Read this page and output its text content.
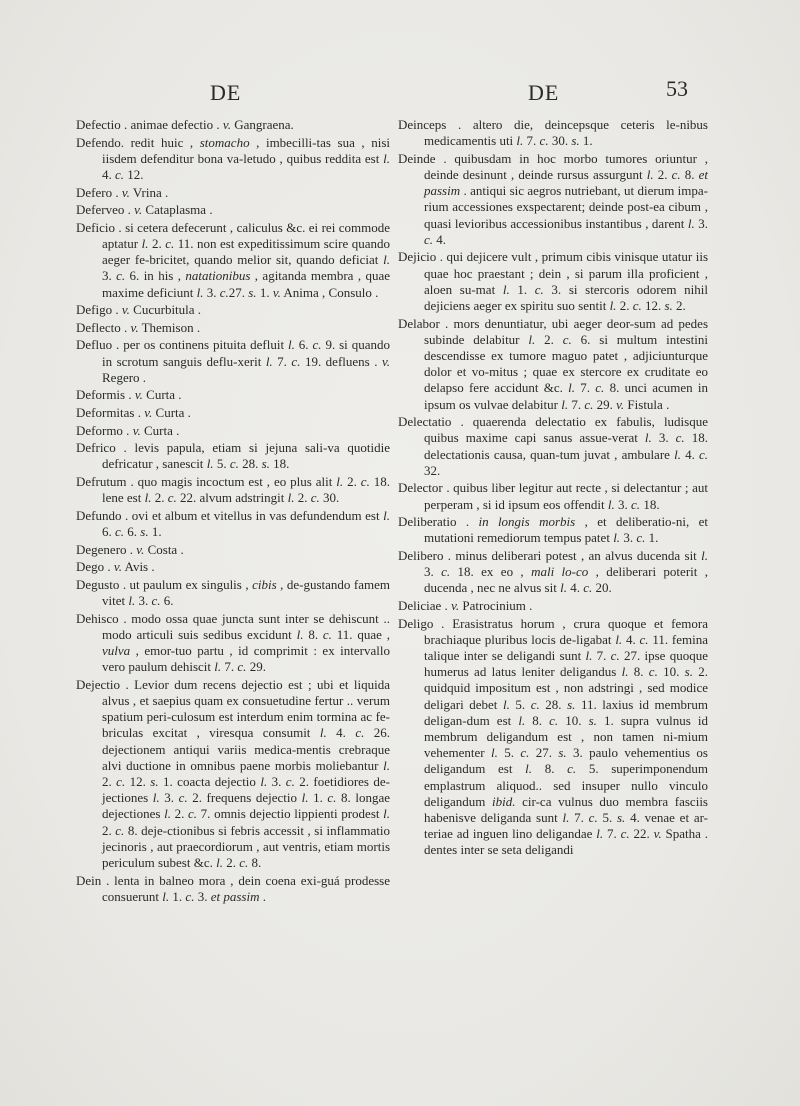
DE	DE	53

Defectio . animae defectio . v. Gangraena.

Defendo. redit huic , stomacho , imbecilli-tas sua , nisi iisdem defenditur bona va-letudo , quibus reddita est l. 4. c. 12.

Defero . v. Vrina .

Deferveo . v. Cataplasma .

Deficio . si cetera defecerunt , caliculus &c. ei rei commode aptatur l. 2. c. 11. non est expeditissimum scire quando aeger fe-bricitet, quando melior sit, quando deficiat l. 3. c. 6. in his , natationibus , agitanda membra , quae maxime deficiunt l. 3. c.27. s. 1. v. Anima , Consulo .

Defigo . v. Cucurbitula .

Deflecto . v. Themison .

Defluo . per os continens pituita defluit l. 6. c. 9. si quando in scrotum sanguis deflu-xerit l. 7. c. 19. defluens . v. Regero .

Deformis . v. Curta .

Deformitas . v. Curta .

Deformo . v. Curta .

Defrico . levis papula, etiam si jejuna sali-va quotidie defricatur , sanescit l. 5. c. 28. s. 18.

Defrutum . quo magis incoctum est , eo plus alit l. 2. c. 18. lene est l. 2. c. 22. alvum adstringit l. 2. c. 30.

Defundo . ovi et album et vitellus in vas defundendum est l. 6. c. 6. s. 1.

Degenero . v. Costa .

Dego . v. Avis .

Degusto . ut paulum ex singulis , cibis , de-gustando famem vitet l. 3. c. 6.

Dehisco . modo ossa quae juncta sunt inter se dehiscunt .. modo articuli suis sedibus excidunt l. 8. c. 11. quae , vulva , emor-tuo partu , id comprimit : ex intervallo vero paulum dehiscit l. 7. c. 29.

Dejectio . Levior dum recens dejectio est ; ubi et liquida alvus , et saepius quam ex consuetudine fertur .. verum spatium peri-culosum est interdum enim tormina ac fe-briculas excitat , viresqua consumit l. 4. c. 26. dejectionem antiqui variis medica-mentis crebraque alvi ductione in omnibus paene morbis moliebantur l. 2. c. 12. s. 1. coacta dejectio l. 3. c. 2. foetidiores de-jectiones l. 3. c. 2. frequens dejectio l. 1. c. 8. longae dejectiones l. 2. c. 7. omnis dejectio lippienti prodest l. 2. c. 8. deje-ctionibus si febris accessit , si inflammatio jecinoris , aut praecordiorum , aut ventris, etiam mortis periculum subest &c. l. 2. c. 8.

Dein . lenta in balneo mora , dein coena exi-guá prodesse consuerunt l. 1. c. 3. et passim .

Deinceps . altero die, deincepsque ceteris le-nibus medicamentis uti l. 7. c. 30. s. 1.

Deinde . quibusdam in hoc morbo tumores oriuntur , deinde desinunt , deinde rursus assurgunt l. 2. c. 8. et passim . antiqui sic aegros nutriebant, ut dierum impa-rium accessiones exspectarent; deinde post-ea cibum , quasi levioribus accessionibus instantibus , darent l. 3. c. 4.

Dejicio . qui dejicere vult , primum cibis vinisque utatur iis quae hoc praestant ; dein , si parum illa proficient , aloen su-mat l. 1. c. 3. si stercoris odorem nihil dejiciens aeger ex spiritu suo sentit l. 2. c. 12. s. 2.

Delabor . mors denuntiatur, ubi aeger deor-sum ad pedes subinde delabitur l. 2. c. 6. si multum intestini descendisse ex tumore maguo patet , adjiciunturque dolor et vo-mitus ; quae ex stercore ex cruditate eo delapso fere accidunt &c. l. 7. c. 8. unci acumen in ipsum os vulvae delabitur l. 7. c. 29. v. Fistula .

Delectatio . quaerenda delectatio ex fabulis, ludisque quibus maxime capi sanus assue-verat l. 3. c. 18. delectationis causa, quan-tum juvat , ambulare l. 4. c. 32.

Delector . quibus liber legitur aut recte , si delectantur ; aut perperam , si id ipsum eos offendit l. 3. c. 18.

Deliberatio . in longis morbis , et deliberatio-ni, et mutationi remediorum tempus patet l. 3. c. 1.

Delibero . minus deliberari potest , an alvus ducenda sit l. 3. c. 18. ex eo , mali lo-co , deliberari poterit , ducenda , nec ne alvus sit l. 4. c. 20.

Deliciae . v. Patrocinium .

Deligo . Erasistratus horum , crura quoque et femora brachiaque pluribus locis de-ligabat l. 4. c. 11. femina talique inter se deligandi sunt l. 7. c. 27. ipse quoque humerus ad latus leniter deligandus l. 8. c. 10. s. 2. quidquid impositum est , non adstringi , sed modice deligari debet l. 5. c. 28. s. 11. laxius id membrum deligan-dum est l. 8. c. 10. s. 1. supra vulnus id membrum deligandum est , non tamen ni-mium vehementer l. 5. c. 27. s. 3. paulo vehementius os deligandum est l. 8. c. 5. superimponendum emplastrum aliquod.. sed insuper nullo vinculo deligandum ibid. cir-ca vulnus duo membra fasciis habenisve deliganda sunt l. 7. c. 5. s. 4. venae et ar-teriae ad inguen lino deligandae l. 7. c. 22. v. Spatha . dentes inter se seta deligandi
